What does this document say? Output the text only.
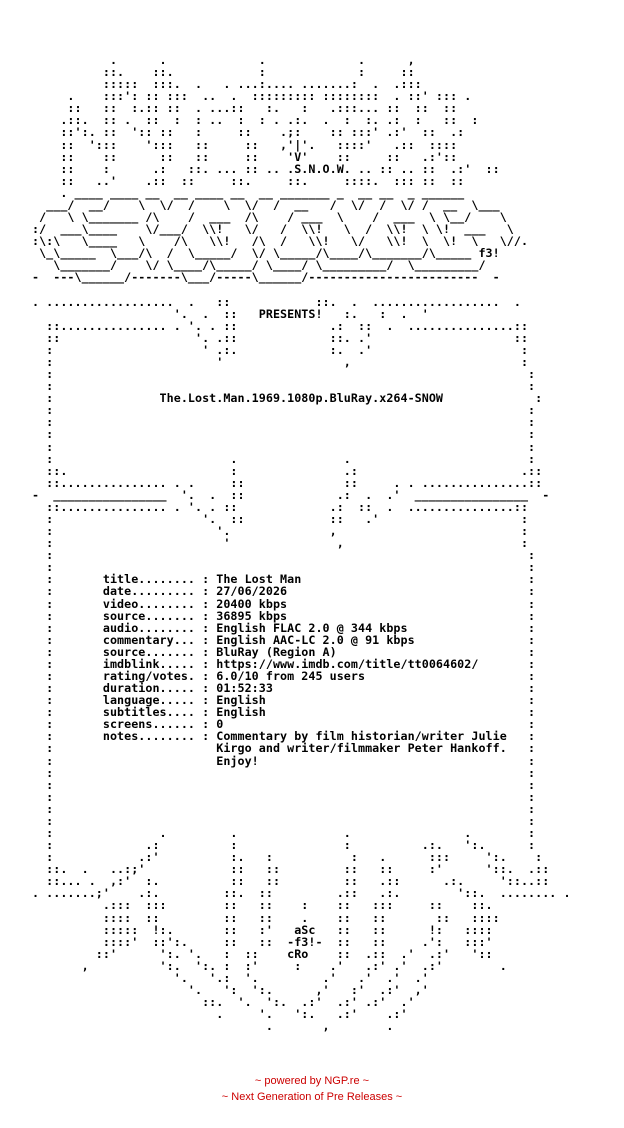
.      .             .             .      ,
::.    ::.            :             :     ::
:::::  :::.  .   . ...:.... .......:  .  .:::
.    :::': :: :::  ..  .  ::::::::: ::::::::  . ::' ::: .
::   ::  :.:: ::  . ...::   :.   :   .:::... ::  ::  ::
.::.  :: .  ::  :  : ..  :  : . .:.  .  :  :. .:  :   ::  :
::':. ::  ':: ::   :     ::    .;:    :: :::' .:'  ::  .:
::  ':::    ':::   ::     ::   ,'|'.   ::::'   .::  ::::
::    ::      ::   ::     ::    'V'    ::     ::   .:'::
::    :      .:   ::. ... :: .. .S.N.O.W. .. :: .. ::  .:'  ::
::   ..'    .::  ::     ::.     ::.     ::::.  ::: ::  ::
. ____ ____ __  __ ____ __  __ _______ _  __ __  _ ______
___/  __/    \  \/  /    \  \/  /  __   /  \/  /  \/ /  __  \___
/   \ \_______ /\    /  ___  /\    / ___  \    /  ___  \ \__/    \
:/  ___\____    \/___/  \\!   \/   /  \\!   \  /  \\!  \ \!  ___   \
:\:\   \____   \    /\   \\!   /\  /   \\!   \/   \\!  \  \!  \   \//.
\_\_____  \___/\  /  \_____/  \/ \_____/\____/\_______/\_____ f3!
\_______/    \/ \____/\_____/ \____/ \_________/  \_________/
-  ---\______/-------\___/-----\______/------------------------  -

. ..................  .   ::            ::.  .  ..................  .
'.  .  ::   PRESENTS!   :.   :  .  '
::............... . '. . ::             .:  ::  .  ...............::
::                   '. .::             ::. .'                    ::
:                     ' .:.             :.  .'                     :
:                       '                 ,                        :
:                                                                   :
:                                                                   :
:               The.Lost.Man.1969.1080p.BluRay.x264-SNOW             :
:                                                                   :
:                                                                   :
:                                                                   :
:                                                                   :
:                         .               .                         :
::.                       :               .:                       .::
::............... . .     ::              ::     . . ...............::
-  ________________  '.  .  ::             .:  .  .'  ________________  -
::............... . '. . ::             .:  ::  .  ...............::
:                     '.  ::            ::   .'                    :
:                       '.              ,                          :
:                        '               ,                         :
:                                                                   :
:                                                                   :
:       title........ : The Lost Man                                :
:       date......... : 27/06/2026                                  :
:       video........ : 20400 kbps                                  :
:       source....... : 36895 kbps                                  :
:       audio........ : English FLAC 2.0 @ 344 kbps                 :
:       commentary... : English AAC-LC 2.0 @ 91 kbps                :
:       source....... : BluRay (Region A)                           :
:       imdblink..... : https://www.imdb.com/title/tt0064602/       :
:       rating/votes. : 6.0/10 from 245 users                       :
:       duration..... : 01:52:33                                    :
:       language..... : English                                     :
:       subtitles.... : English                                     :
:       screens...... : 0                                           :
:       notes........ : Commentary by film historian/writer Julie   :
:                       Kirgo and writer/filmmaker Peter Hankoff.   :
:                       Enjoy!                                      :
:                                                                   :
:                                                                   :
:                                                                   :
:                                                                   :
:                                                                   :
:               .         .               .                .        :
:             .:          :               :          .:.   ':.      :
:            .:'          :.   :           :   .      :::     ':.    :
::.  .   ..:;'            ::   ::         ::   ::     :'      '::.  .::
::... .  ,:'  :.          ::   ::         ::   .::      .:.     '::..::
. .......;'    .:.         ::.  ::         .::   .:.        '::.  ........ .
.:::  :::        ::   ::    :    ::   :::     ::    ::.
::::  ::         ::   ::    .    ::   ::       ::   ::::
:::::  !:.       ::   :'   aSc   ::   ::      !:   ::::
::::'  ::':.     ::   ::  -f3!-  ::   ::     .':   :::'
::'      ':. '.   :  ::    cRo    ::  .::  .'  .:'   '::
,          ':.  ':. :  :'     :    .'   .:' .'  .:'        .
'.   '.:  '.         .'   .'  .'  .'
'.   ':  ':.      ,'   :'  .:'  ,'
::.  '.  ':.  .:'  .:' .:'  .'
.     '.   ':.   .:'    .:'
.       ,        .
~ powered by NGP.re ~
~ Next Generation of Pre Releases ~
